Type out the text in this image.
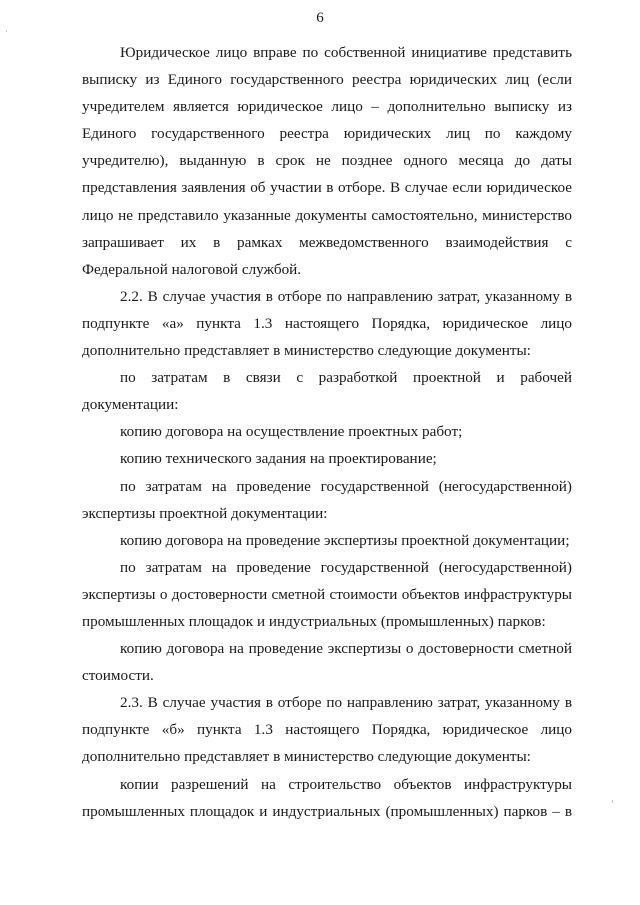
6

Юридическое лицо вправе по собственной инициативе представить
выписку из Единого государственного реестра юридических лиц (если
учредителем является юридическое лицо – дополнительно выписку из
Единого государственного реестра юридических лиц по каждому
учредителю), выданную в срок не позднее одного месяца до даты
представления заявления об участии в отборе. В случае если юридическое
лицо не представило указанные документы самостоятельно, министерство
запрашивает их в рамках межведомственного взаимодействия с
Федеральной налоговой службой.

2.2. В случае участия в отборе по направлению затрат, указанному в
подпункте «а» пункта 1.3 настоящего Порядка, юридическое лицо
дополнительно представляет в министерство следующие документы:

по затратам в связи с разработкой проектной и рабочей
документации:

копию договора на осуществление проектных работ;

копию технического задания на проектирование;

по затратам на проведение государственной (негосударственной)
экспертизы проектной документации:

копию договора на проведение экспертизы проектной документации;

по затратам на проведение государственной (негосударственной)
экспертизы о достоверности сметной стоимости объектов инфраструктуры
промышленных площадок и индустриальных (промышленных) парков:

копию договора на проведение экспертизы о достоверности сметной
стоимости.

2.3. В случае участия в отборе по направлению затрат, указанному в
подпункте «б» пункта 1.3 настоящего Порядка, юридическое лицо
дополнительно представляет в министерство следующие документы:

копии разрешений на строительство объектов инфраструктуры
промышленных площадок и индустриальных (промышленных) парков – в
